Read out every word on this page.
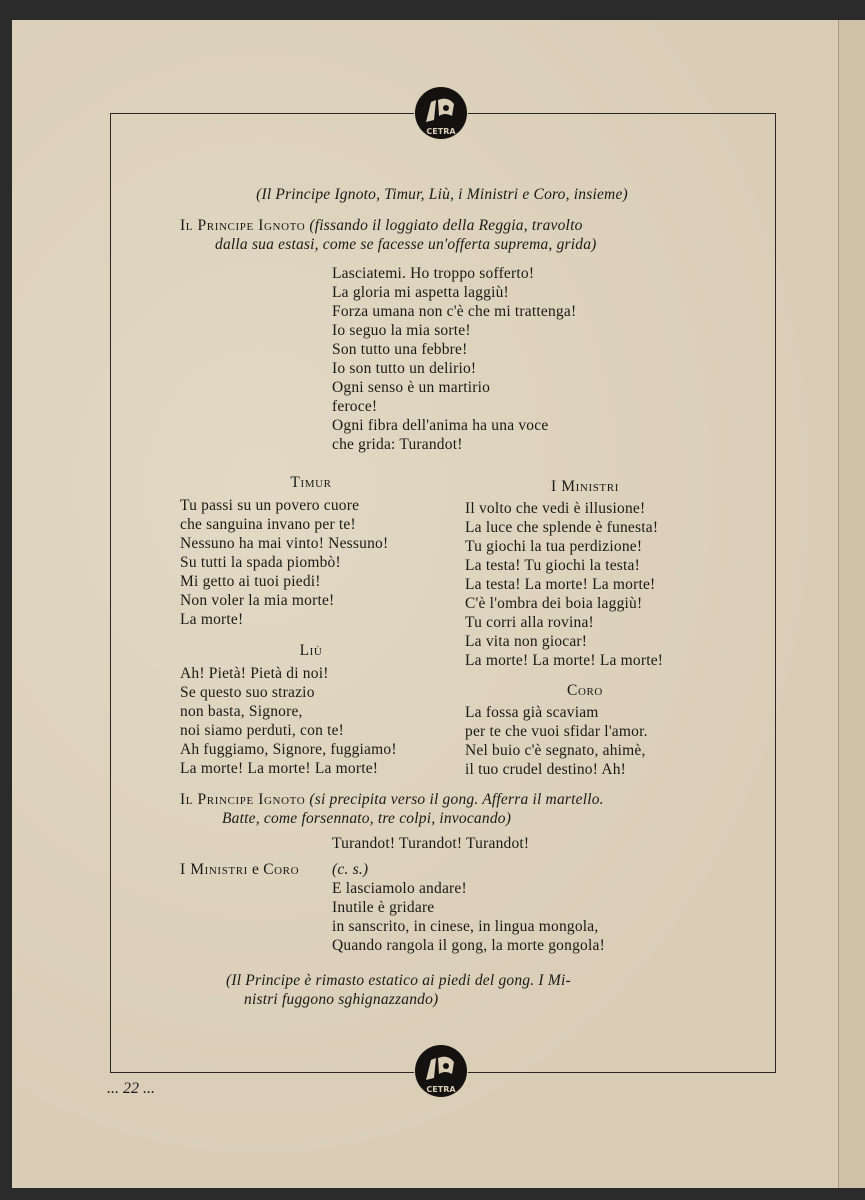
CETRA
(Il Principe Ignoto, Timur, Liù, i Ministri e Coro, insieme)
Il Principe Ignoto (fissando il loggiato della Reggia, travolto
dalla sua estasi, come se facesse un'offerta suprema, grida)
Lasciatemi. Ho troppo sofferto!
La gloria mi aspetta laggiù!
Forza umana non c'è che mi trattenga!
Io seguo la mia sorte!
Son tutto una febbre!
Io son tutto un delirio!
Ogni senso è un martirio
feroce!
Ogni fibra dell'anima ha una voce
che grida: Turandot!
Timur
Tu passi su un povero cuore
che sanguina invano per te!
Nessuno ha mai vinto! Nessuno!
Su tutti la spada piombò!
Mi getto ai tuoi piedi!
Non voler la mia morte!
La morte!
Liù
Ah! Pietà! Pietà di noi!
Se questo suo strazio
non basta, Signore,
noi siamo perduti, con te!
Ah fuggiamo, Signore, fuggiamo!
La morte! La morte! La morte!
I Ministri
Il volto che vedi è illusione!
La luce che splende è funesta!
Tu giochi la tua perdizione!
La testa! Tu giochi la testa!
La testa! La morte! La morte!
C'è l'ombra dei boia laggiù!
Tu corri alla rovina!
La vita non giocar!
La morte! La morte! La morte!
Coro
La fossa già scaviam
per te che vuoi sfidar l'amor.
Nel buio c'è segnato, ahimè,
il tuo crudel destino! Ah!
Il Principe Ignoto (si precipita verso il gong. Afferra il martello.
Batte, come forsennato, tre colpi, invocando)
Turandot! Turandot! Turandot!
I Ministri e Coro (c. s.)
E lasciamolo andare!
Inutile è gridare
in sanscrito, in cinese, in lingua mongola,
Quando rangola il gong, la morte gongola!
(Il Principe è rimasto estatico ai piedi del gong. I Mi-
nistri fuggono sghignazzando)
CETRA
... 22 ...
